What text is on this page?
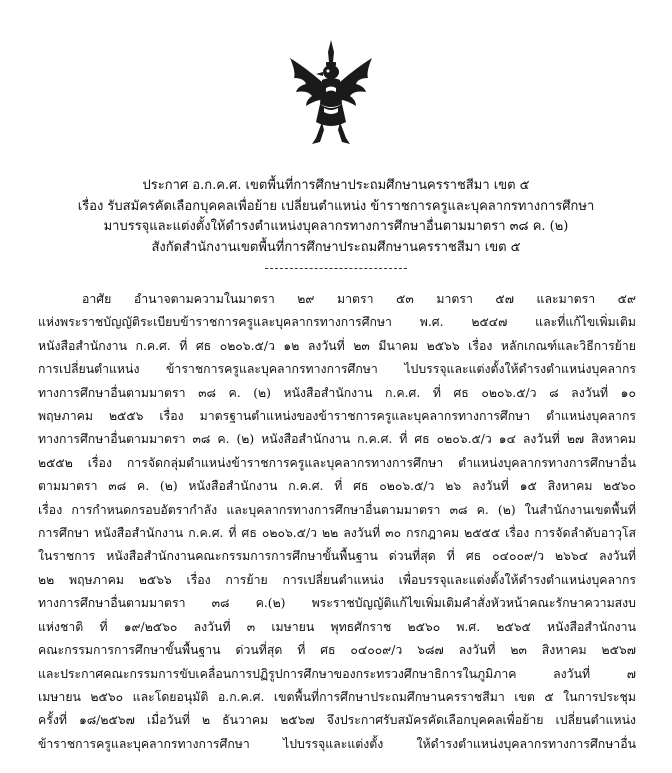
ประกาศ อ.ก.ค.ศ. เขตพื้นที่การศึกษาประถมศึกษานครราชสีมา เขต ๕
เรื่อง รับสมัครคัดเลือกบุคคลเพื่อย้าย เปลี่ยนตำแหน่ง ข้าราชการครูและบุคลากรทางการศึกษา
มาบรรจุและแต่งตั้งให้ดำรงตำแหน่งบุคลากรทางการศึกษาอื่นตามมาตรา ๓๘ ค. (๒)
สังกัดสำนักงานเขตพื้นที่การศึกษาประถมศึกษานครราชสีมา เขต ๕
อาศัย อำนาจตามความในมาตรา ๒๙ มาตรา ๕๓ มาตรา ๕๗ และมาตรา ๕๙
แห่งพระราชบัญญัติระเบียบข้าราชการครูและบุคลากรทางการศึกษา พ.ศ. ๒๕๔๗ และที่แก้ไขเพิ่มเติม
หนังสือสำนักงาน ก.ค.ศ. ที่ ศธ ๐๒๐๖.๕/ว ๑๒ ลงวันที่ ๒๓ มีนาคม ๒๕๖๖ เรื่อง หลักเกณฑ์และวิธีการย้าย
การเปลี่ยนตำแหน่ง ข้าราชการครูและบุคลากรทางการศึกษา ไปบรรจุและแต่งตั้งให้ดำรงตำแหน่งบุคลากร
ทางการศึกษาอื่นตามมาตรา ๓๘ ค. (๒) หนังสือสำนักงาน ก.ค.ศ. ที่ ศธ ๐๒๐๖.๕/ว ๘ ลงวันที่ ๑๐
พฤษภาคม ๒๕๕๖ เรื่อง มาตรฐานตำแหน่งของข้าราชการครูและบุคลากรทางการศึกษา ตำแหน่งบุคลากร
ทางการศึกษาอื่นตามมาตรา ๓๘ ค. (๒) หนังสือสำนักงาน ก.ค.ศ. ที่ ศธ ๐๒๐๖.๕/ว ๑๔ ลงวันที่ ๒๗ สิงหาคม
๒๕๕๒ เรื่อง การจัดกลุ่มตำแหน่งข้าราชการครูและบุคลากรทางการศึกษา ตำแหน่งบุคลากรทางการศึกษาอื่น
ตามมาตรา ๓๘ ค. (๒) หนังสือสำนักงาน ก.ค.ศ. ที่ ศธ ๐๒๐๖.๕/ว ๒๖ ลงวันที่ ๑๕ สิงหาคม ๒๕๖๐
เรื่อง การกำหนดกรอบอัตรากำลัง และบุคลากรทางการศึกษาอื่นตามมาตรา ๓๘ ค. (๒) ในสำนักงานเขตพื้นที่
การศึกษา หนังสือสำนักงาน ก.ค.ศ. ที่ ศธ ๐๒๐๖.๕/ว ๒๒ ลงวันที่ ๓๐ กรกฎาคม ๒๕๕๕ เรื่อง การจัดลำดับอาวุโส
ในราชการ หนังสือสำนักงานคณะกรรมการการศึกษาขั้นพื้นฐาน ด่วนที่สุด ที่ ศธ ๐๔๐๐๙/ว ๒๖๖๔ ลงวันที่
๒๒ พฤษภาคม ๒๕๖๖ เรื่อง การย้าย การเปลี่ยนตำแหน่ง เพื่อบรรจุและแต่งตั้งให้ดำรงตำแหน่งบุคลากร
ทางการศึกษาอื่นตามมาตรา ๓๘ ค.(๒) พระราชบัญญัติแก้ไขเพิ่มเติมคำสั่งหัวหน้าคณะรักษาความสงบ
แห่งชาติ ที่ ๑๙/๒๕๖๐ ลงวันที่ ๓ เมษายน พุทธศักราช ๒๕๖๐ พ.ศ. ๒๕๖๕ หนังสือสำนักงาน
คณะกรรมการการศึกษาขั้นพื้นฐาน ด่วนที่สุด ที่ ศธ ๐๔๐๐๙/ว ๖๘๗ ลงวันที่ ๒๓ สิงหาคม ๒๕๖๗
และประกาศคณะกรรมการขับเคลื่อนการปฏิรูปการศึกษาของกระทรวงศึกษาธิการในภูมิภาค ลงวันที่ ๗
เมษายน ๒๕๖๐ และโดยอนุมัติ อ.ก.ค.ศ. เขตพื้นที่การศึกษาประถมศึกษานครราชสีมา เขต ๕ ในการประชุม
ครั้งที่ ๑๘/๒๕๖๗ เมื่อวันที่ ๒ ธันวาคม ๒๕๖๗ จึงประกาศรับสมัครคัดเลือกบุคคลเพื่อย้าย เปลี่ยนตำแหน่ง
ข้าราชการครูและบุคลากรทางการศึกษา ไปบรรจุและแต่งตั้ง ให้ดำรงตำแหน่งบุคลากรทางการศึกษาอื่น
